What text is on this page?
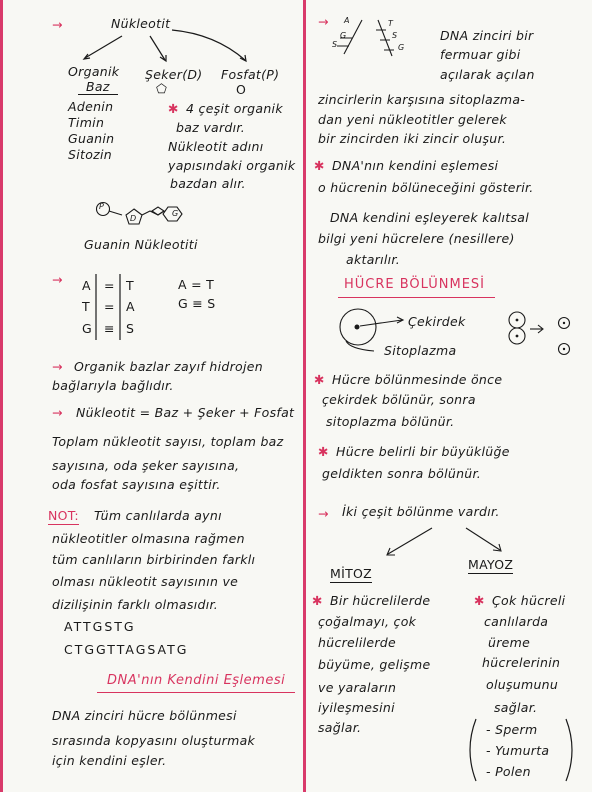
→	Nükleotit
Organik
Baz
Şeker(D) Fosfat(P)
⬠	O
Adenin
Timin
Guanin
Sitozin
✱ 4 çeşit organik
baz vardır.
Nükleotit adını
yapısındaki organik
bazdan alır.
P
D
G
Guanin Nükleotiti
→ A
T
G
=
=
≡
T
A
S
A = T
G ≡ S
→ Organik bazlar zayıf hidrojen
bağlarıyla bağlıdır.
→ Nükleotit = Baz + Şeker + Fosfat
Toplam nükleotit sayısı, toplam baz
sayısına, oda şeker sayısına,
oda fosfat sayısına eşittir.
NOT: Tüm canlılarda aynı
nükleotitler olmasına rağmen
tüm canlıların birbirinden farklı
olması nükleotit sayısının ve
dizilişinin farklı olmasıdır.
ATTGSTG
CTGGTTAGSATG
DNA'nın Kendini Eşlemesi
DNA zinciri hücre bölünmesi
sırasında kopyasını oluşturmak
için kendini eşler.
→ A
G
S
T
S
G
DNA zinciri bir
fermuar gibi
açılarak açılan
zincirlerin karşısına sitoplazma-
dan yeni nükleotitler gelerek
bir zincirden iki zincir oluşur.
✱ DNA'nın kendini eşlemesi
o hücrenin bölüneceğini gösterir.
DNA kendini eşleyerek kalıtsal
bilgi yeni hücrelere (nesillere)
aktarılır.
HÜCRE BÖLÜNMESİ
Çekirdek
Sitoplazma
✱ Hücre bölünmesinde önce
çekirdek bölünür, sonra
sitoplazma bölünür.
✱ Hücre belirli bir büyüklüğe
geldikten sonra bölünür.
→ İki çeşit bölünme vardır.
MİTOZ
MAYOZ
✱ Bir hücrelilerde
çoğalmayı, çok
hücrelilerde
büyüme, gelişme
ve yaraların
iyileşmesini
sağlar.
✱ Çok hücreli
canlılarda
üreme
hücrelerinin
oluşumunu
sağlar.
- Sperm
- Yumurta
- Polen
